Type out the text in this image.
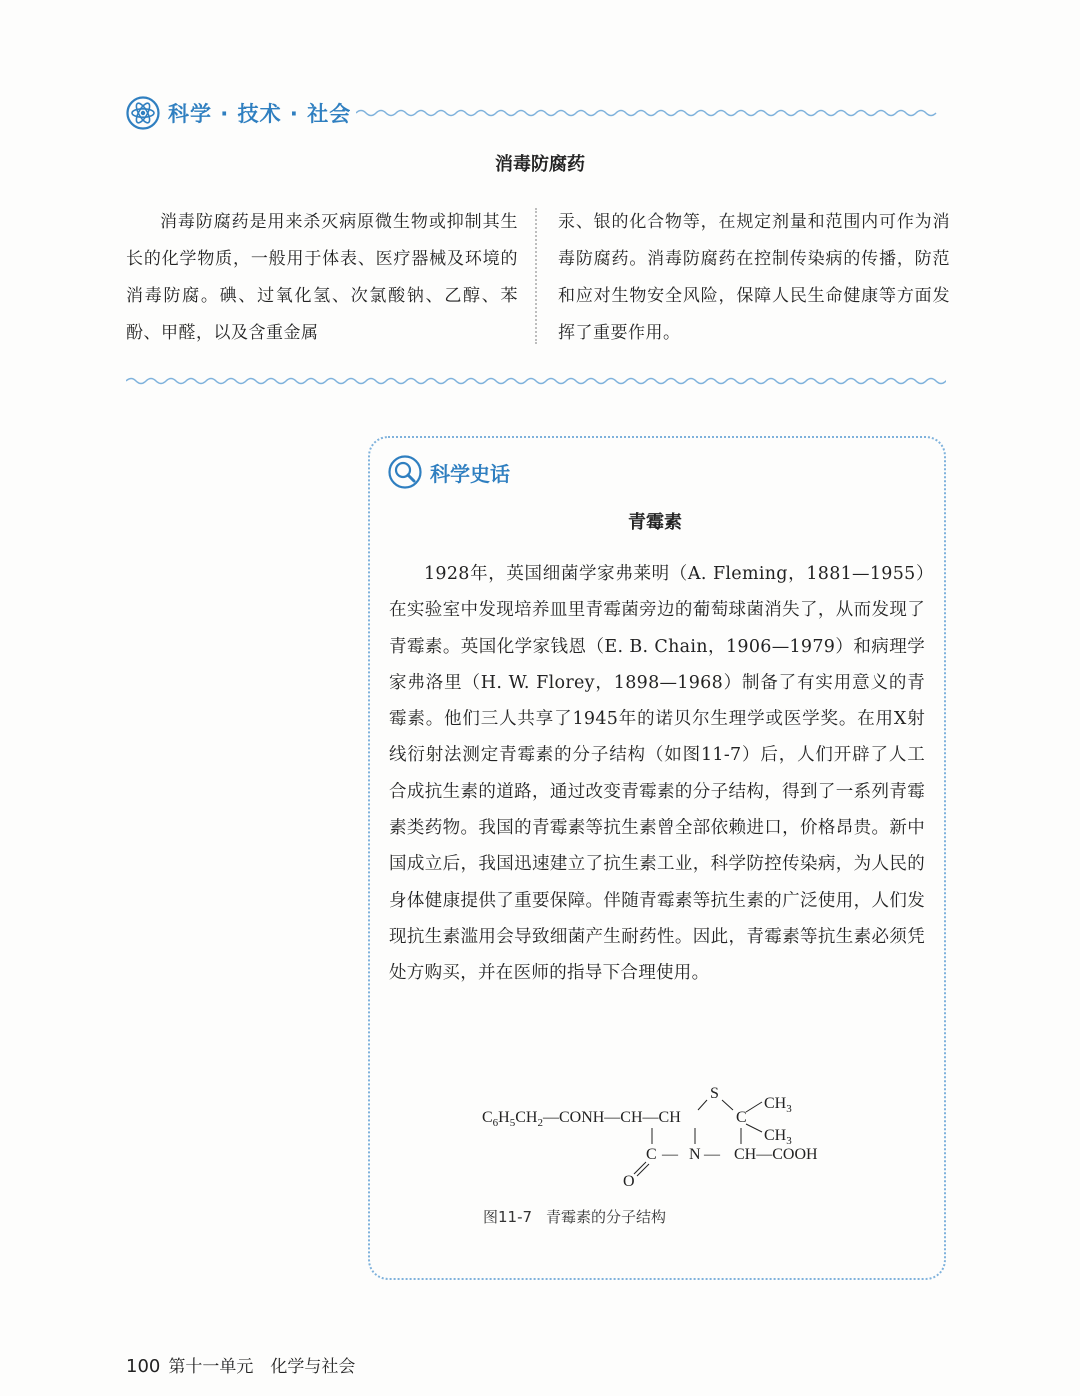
科学 · 技术 · 社会
消毒防腐药
消毒防腐药是用来杀灭病原微生物或抑制其生长的化学物质，一般用于体表、医疗器械及环境的消毒防腐。碘、过氧化氢、次氯酸钠、乙醇、苯酚、甲醛，以及含重金属
汞、银的化合物等，在规定剂量和范围内可作为消毒防腐药。消毒防腐药在控制传染病的传播，防范和应对生物安全风险，保障人民生命健康等方面发挥了重要作用。
科学史话
青霉素
1928年，英国细菌学家弗莱明（A. Fleming，1881—1955）在实验室中发现培养皿里青霉菌旁边的葡萄球菌消失了，从而发现了青霉素。英国化学家钱恩（E. B. Chain，1906—1979）和病理学家弗洛里（H. W. Florey，1898—1968）制备了有实用意义的青霉素。他们三人共享了1945年的诺贝尔生理学或医学奖。在用X射线衍射法测定青霉素的分子结构（如图11-7）后，人们开辟了人工合成抗生素的道路，通过改变青霉素的分子结构，得到了一系列青霉素类药物。我国的青霉素等抗生素曾全部依赖进口，价格昂贵。新中国成立后，我国迅速建立了抗生素工业，科学防控传染病，为人民的身体健康提供了重要保障。伴随青霉素等抗生素的广泛使用，人们发现抗生素滥用会导致细菌产生耐药性。因此，青霉素等抗生素必须凭处方购买，并在医师的指导下合理使用。
$C_6H_5CH_2—CONH—CH—CH$
S
C
$CH_3$
$CH_3$
C — N — CH—COOH
O
图11-7 青霉素的分子结构
100 第十一单元　化学与社会
